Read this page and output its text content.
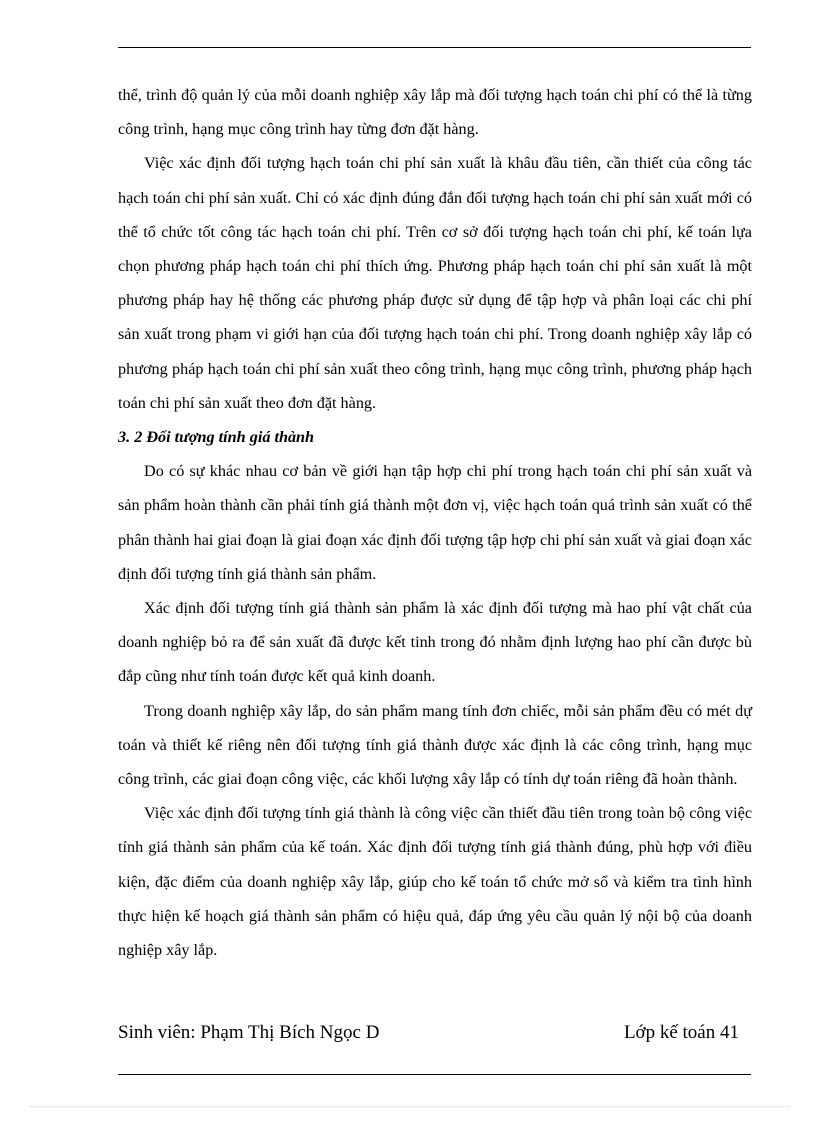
thể, trình độ quản lý của mỗi doanh nghiệp xây lắp mà đối tượng hạch toán chi phí có thể là từng công trình, hạng mục công trình hay từng đơn đặt hàng.

Việc xác định đối tượng hạch toán chi phí sản xuất là khâu đầu tiên, cần thiết của công tác hạch toán chi phí sản xuất. Chỉ có xác định đúng đắn đối tượng hạch toán chi phí sản xuất mới có thể tổ chức tốt công tác hạch toán chi phí. Trên cơ sở đối tượng hạch toán chi phí, kế toán lựa chọn phương pháp hạch toán chi phí thích ứng. Phương pháp hạch toán chi phí sản xuất là một phương pháp hay hệ thống các phương pháp được sử dụng để tập hợp và phân loại các chi phí sản xuất trong phạm vi giới hạn của đối tượng hạch toán chi phí. Trong doanh nghiệp xây lắp có phương pháp hạch toán chi phí sản xuất theo công trình, hạng mục công trình, phương pháp hạch toán chi phí sản xuất theo đơn đặt hàng.

3. 2 Đối tượng tính giá thành

Do có sự khác nhau cơ bản về giới hạn tập hợp chi phí trong hạch toán chi phí sản xuất và sản phẩm hoàn thành cần phải tính giá thành một đơn vị, việc hạch toán quá trình sản xuất có thể phân thành hai giai đoạn là giai đoạn xác định đối tượng tập hợp chi phí sản xuất và giai đoạn xác định đối tượng tính giá thành sản phẩm.

Xác định đối tượng tính giá thành sản phẩm là xác định đối tượng mà hao phí vật chất của doanh nghiệp bỏ ra để sản xuất đã được kết tinh trong đó nhằm định lượng hao phí cần được bù đắp cũng như tính toán được kết quả kinh doanh.

Trong doanh nghiệp xây lắp, do sản phẩm mang tính đơn chiếc, mỗi sản phẩm đều có mét dự toán và thiết kế riêng nên đối tượng tính giá thành được xác định là các công trình, hạng mục công trình, các giai đoạn công việc, các khối lượng xây lắp có tính dự toán riêng đã hoàn thành.

Việc xác định đối tượng tính giá thành là công việc cần thiết đầu tiên trong toàn bộ công việc tính giá thành sản phẩm của kế toán. Xác định đối tượng tính giá thành đúng, phù hợp với điều kiện, đặc điểm của doanh nghiệp xây lắp, giúp cho kế toán tổ chức mở sổ và kiểm tra tình hình thực hiện kế hoạch giá thành sản phẩm có hiệu quả, đáp ứng yêu cầu quản lý nội bộ của doanh nghiệp xây lắp.

Sinh viên: Phạm Thị Bích Ngọc D	Lớp kế toán 41
